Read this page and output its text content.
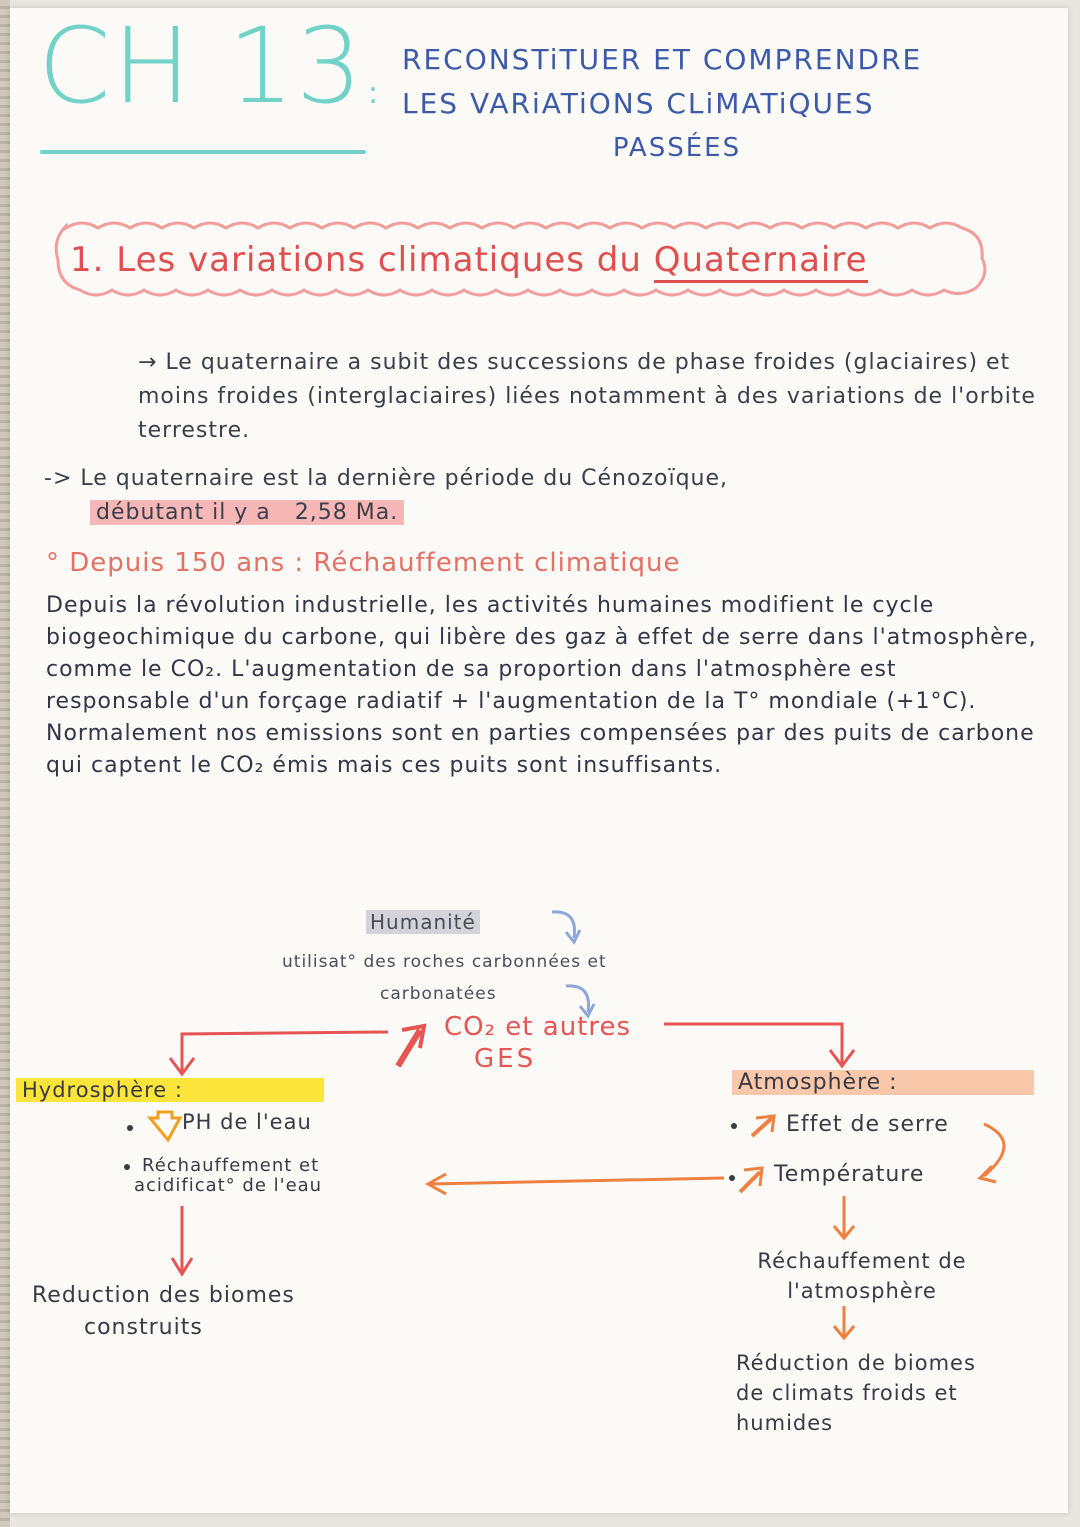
CH 13 :
RECONSTiTUER ET COMPRENDRE
LES VARiATiONS CLiMATiQUES
PASSÉES
1. Les variations climatiques du Quaternaire
→ Le quaternaire a subit des successions de phase froides (glaciaires) et moins froides (interglaciaires) liées notamment à des variations de l'orbite terrestre.
-> Le quaternaire est la dernière période du Cénozoïque,
débutant il y a 2,58 Ma.
° Depuis 150 ans : Réchauffement climatique
Depuis la révolution industrielle, les activités humaines modifient le cycle biogeochimique du carbone, qui libère des gaz à effet de serre dans l'atmosphère, comme le CO₂. L'augmentation de sa proportion dans l'atmosphère est responsable d'un forçage radiatif + l'augmentation de la T° mondiale (+1°C). Normalement nos emissions sont en parties compensées par des puits de carbone qui captent le CO₂ émis mais ces puits sont insuffisants.
Humanité
utilisat° des roches carbonnées et
carbonatées
CO₂ et autres
GES
Hydrosphère :
PH de l'eau
Réchauffement et
acidificat° de l'eau
Reduction des biomes
construits
Atmosphère :
Effet de serre
Température
Réchauffement de
l'atmosphère
Réduction de biomes
de climats froids et
humides
